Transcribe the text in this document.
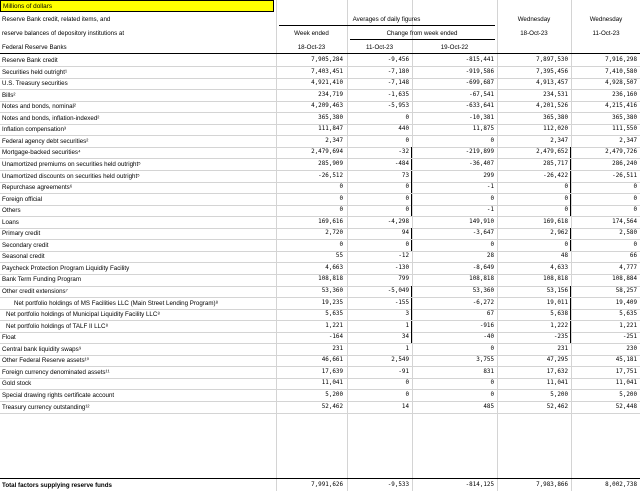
Millions of dollars
Reserve Bank credit, related items, and
reserve balances of depository institutions at
Federal Reserve Banks
Averages of daily figures
Week ended	Change from week ended
Wednesday	Wednesday
18-Oct-23	11-Oct-23	19-Oct-22
18-Oct-23	11-Oct-23
Reserve Bank credit	7,905,284	-9,456	-815,441	7,897,530	7,916,298
Securities held outright¹	7,403,451	-7,180	-919,586	7,395,456	7,410,580
U.S. Treasury securities	4,921,410	-7,148	-699,687	4,913,457	4,928,507
Bills²	234,719	-1,635	-67,541	234,531	236,160
Notes and bonds, nominal²	4,209,463	-5,953	-633,641	4,201,526	4,215,416
Notes and bonds, inflation-indexed²	365,380	0	-10,381	365,380	365,380
Inflation compensation³	111,847	440	11,875	112,020	111,550
Federal agency debt securities²	2,347	0	0	2,347	2,347
Mortgage-backed securities⁴	2,479,694	-32	-219,899	2,479,652	2,479,726
Unamortized premiums on securities held outright⁵	285,909	-484	-36,407	285,717	286,240
Unamortized discounts on securities held outright⁵	-26,512	73	299	-26,422	-26,511
Repurchase agreements⁶	0	0	-1	0	0
Foreign official	0	0	0	0	0
Others	0	0	-1	0	0
Loans	169,616	-4,298	149,910	169,618	174,564
Primary credit	2,720	94	-3,647	2,962	2,580
Secondary credit	0	0	0	0	0
Seasonal credit	55	-12	28	48	66
Paycheck Protection Program Liquidity Facility	4,663	-130	-8,649	4,633	4,777
Bank Term Funding Program	108,818	799	108,818	108,818	108,884
Other credit extensions⁷	53,360	-5,049	53,360	53,156	58,257
Net portfolio holdings of MS Facilities LLC (Main Street Lending Program)⁸	19,235	-155	-6,272	19,011	19,409
Net portfolio holdings of Municipal Liquidity Facility LLC⁸	5,635	3	67	5,638	5,635
Net portfolio holdings of TALF II LLC⁸	1,221	1	-916	1,222	1,221
Float	-164	34	-40	-235	-251
Central bank liquidity swaps⁹	231	1	0	231	230
Other Federal Reserve assets¹⁰	46,661	2,549	3,755	47,295	45,181
Foreign currency denominated assets¹¹	17,639	-91	831	17,632	17,751
Gold stock	11,041	0	0	11,041	11,041
Special drawing rights certificate account	5,200	0	0	5,200	5,200
Treasury currency outstanding¹²	52,462	14	485	52,462	52,448
Total factors supplying reserve funds	7,991,626	-9,533	-814,125	7,983,866	8,002,738
